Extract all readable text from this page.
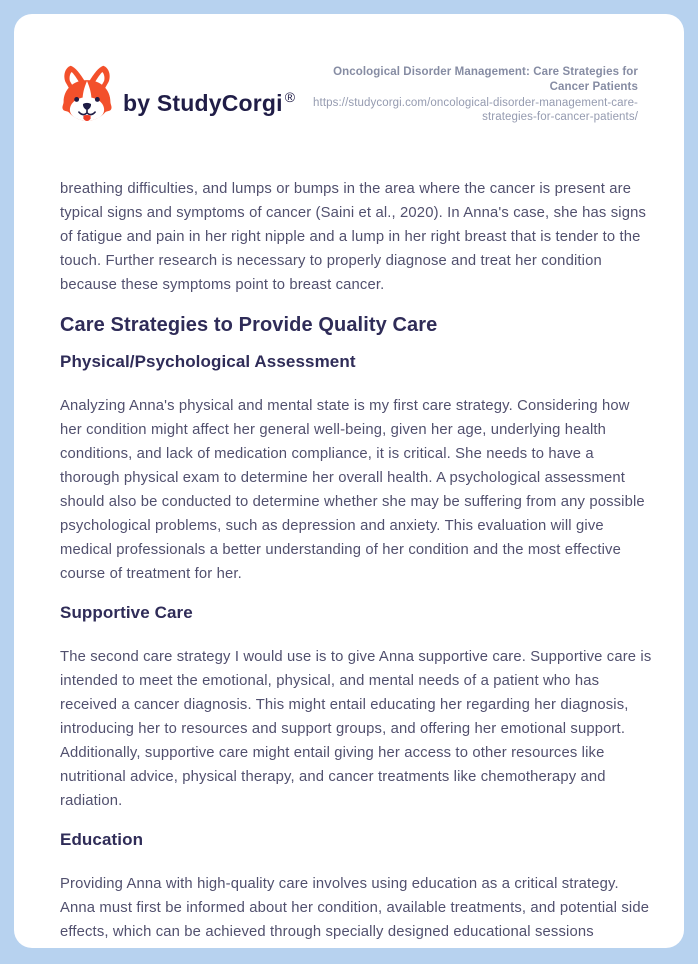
by StudyCorgi ®
Oncological Disorder Management: Care Strategies for Cancer Patients
https://studycorgi.com/oncological-disorder-management-care-strategies-for-cancer-patients/

breathing difficulties, and lumps or bumps in the area where the cancer is present are typical signs and symptoms of cancer (Saini et al., 2020). In Anna's case, she has signs of fatigue and pain in her right nipple and a lump in her right breast that is tender to the touch. Further research is necessary to properly diagnose and treat her condition because these symptoms point to breast cancer.

Care Strategies to Provide Quality Care
Physical/Psychological Assessment

Analyzing Anna's physical and mental state is my first care strategy. Considering how her condition might affect her general well-being, given her age, underlying health conditions, and lack of medication compliance, it is critical. She needs to have a thorough physical exam to determine her overall health. A psychological assessment should also be conducted to determine whether she may be suffering from any possible psychological problems, such as depression and anxiety. This evaluation will give medical professionals a better understanding of her condition and the most effective course of treatment for her.

Supportive Care

The second care strategy I would use is to give Anna supportive care. Supportive care is intended to meet the emotional, physical, and mental needs of a patient who has received a cancer diagnosis. This might entail educating her regarding her diagnosis, introducing her to resources and support groups, and offering her emotional support. Additionally, supportive care might entail giving her access to other resources like nutritional advice, physical therapy, and cancer treatments like chemotherapy and radiation.

Education

Providing Anna with high-quality care involves using education as a critical strategy. Anna must first be informed about her condition, available treatments, and potential side effects, which can be achieved through specially designed educational sessions
